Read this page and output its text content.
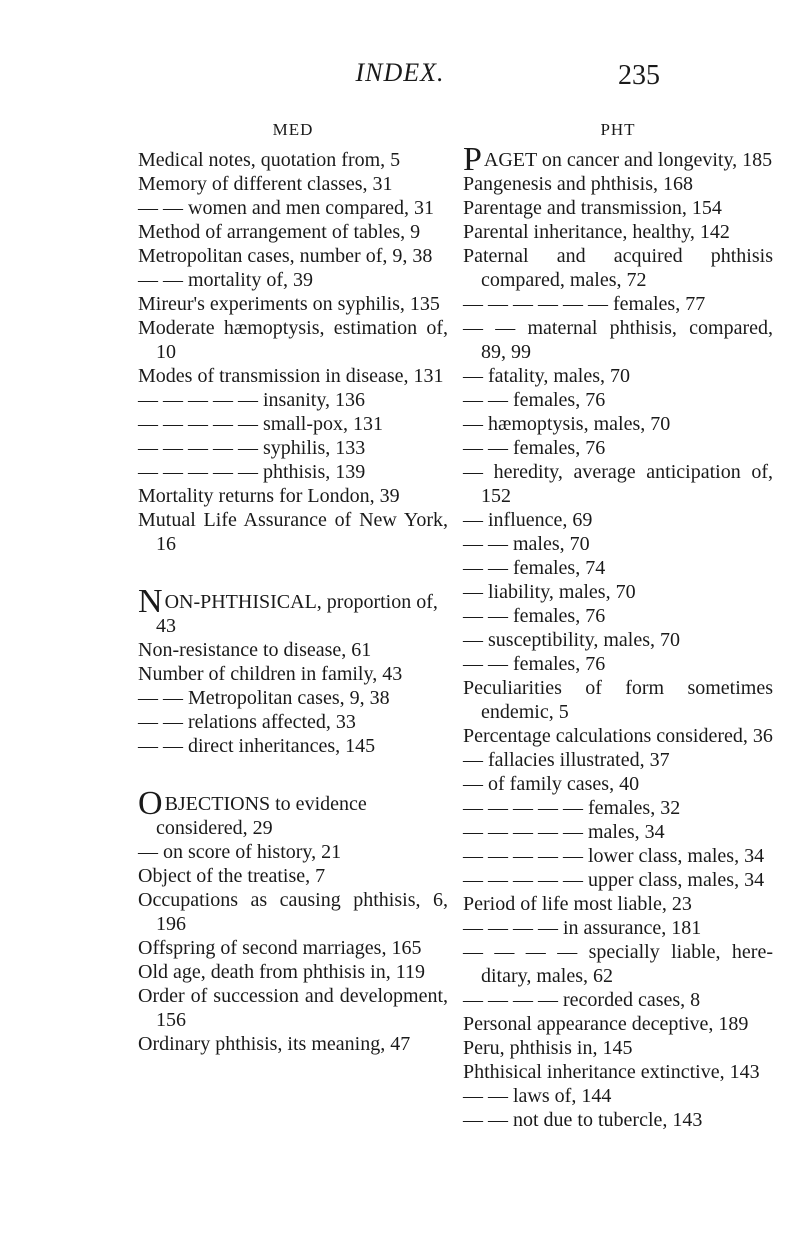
INDEX.	235
MED
Medical notes, quotation from, 5
Memory of different classes, 31
— — women and men compared, 31
Method of arrangement of tables, 9
Metropolitan cases, number of, 9, 38
— — mortality of, 39
Mireur's experiments on syphilis, 135
Moderate hæmoptysis, estimation of, 10
Modes of transmission in disease, 131
— — — — — insanity, 136
— — — — — small-pox, 131
— — — — — syphilis, 133
— — — — — phthisis, 139
Mortality returns for London, 39
Mutual Life Assurance of New York, 16
NON-PHTHISICAL, proportion of, 43
Non-resistance to disease, 61
Number of children in family, 43
— — Metropolitan cases, 9, 38
— — relations affected, 33
— — direct inheritances, 145
OBJECTIONS to evidence considered, 29
— on score of history, 21
Object of the treatise, 7
Occupations as causing phthisis, 6, 196
Offspring of second marriages, 165
Old age, death from phthisis in, 119
Order of succession and development, 156
Ordinary phthisis, its meaning, 47
PHT
PAGET on cancer and longevity, 185
Pangenesis and phthisis, 168
Parentage and transmission, 154
Parental inheritance, healthy, 142
Paternal and acquired phthisis compared, males, 72
— — — — — — females, 77
— — maternal phthisis, compared, 89, 99
— fatality, males, 70
— — females, 76
— hæmoptysis, males, 70
— — females, 76
— heredity, average anticipation of, 152
— influence, 69
— — males, 70
— — females, 74
— liability, males, 70
— — females, 76
— susceptibility, males, 70
— — females, 76
Peculiarities of form sometimes endemic, 5
Percentage calculations considered, 36
— fallacies illustrated, 37
— of family cases, 40
— — — — — females, 32
— — — — — males, 34
— — — — — lower class, males, 34
— — — — — upper class, males, 34
Period of life most liable, 23
— — — — in assurance, 181
— — — — specially liable, hereditary, males, 62
— — — — recorded cases, 8
Personal appearance deceptive, 189
Peru, phthisis in, 145
Phthisical inheritance extinctive, 143
— — laws of, 144
— — not due to tubercle, 143
